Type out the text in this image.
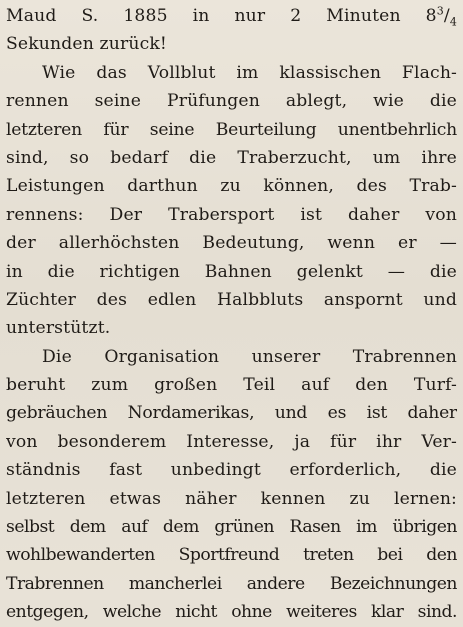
Maud S. 1885 in nur 2 Minuten $8^3/_4$
Sekunden zurück!
Wie das Vollblut im klassischen Flach-
rennen seine Prüfungen ablegt, wie die
letzteren für seine Beurteilung unentbehrlich
sind, so bedarf die Traberzucht, um ihre
Leistungen darthun zu können, des Trab-
rennens: Der Trabersport ist daher von
der allerhöchsten Bedeutung, wenn er —
in die richtigen Bahnen gelenkt — die
Züchter des edlen Halbbluts anspornt und
unterstützt.
Die Organisation unserer Trabrennen
beruht zum großen Teil auf den Turf-
gebräuchen Nordamerikas, und es ist daher
von besonderem Interesse, ja für ihr Ver-
ständnis fast unbedingt erforderlich, die
letzteren etwas näher kennen zu lernen:
selbst dem auf dem grünen Rasen im übrigen
wohlbewanderten Sportfreund treten bei den
Trabrennen mancherlei andere Bezeichnungen
entgegen, welche nicht ohne weiteres klar sind.
